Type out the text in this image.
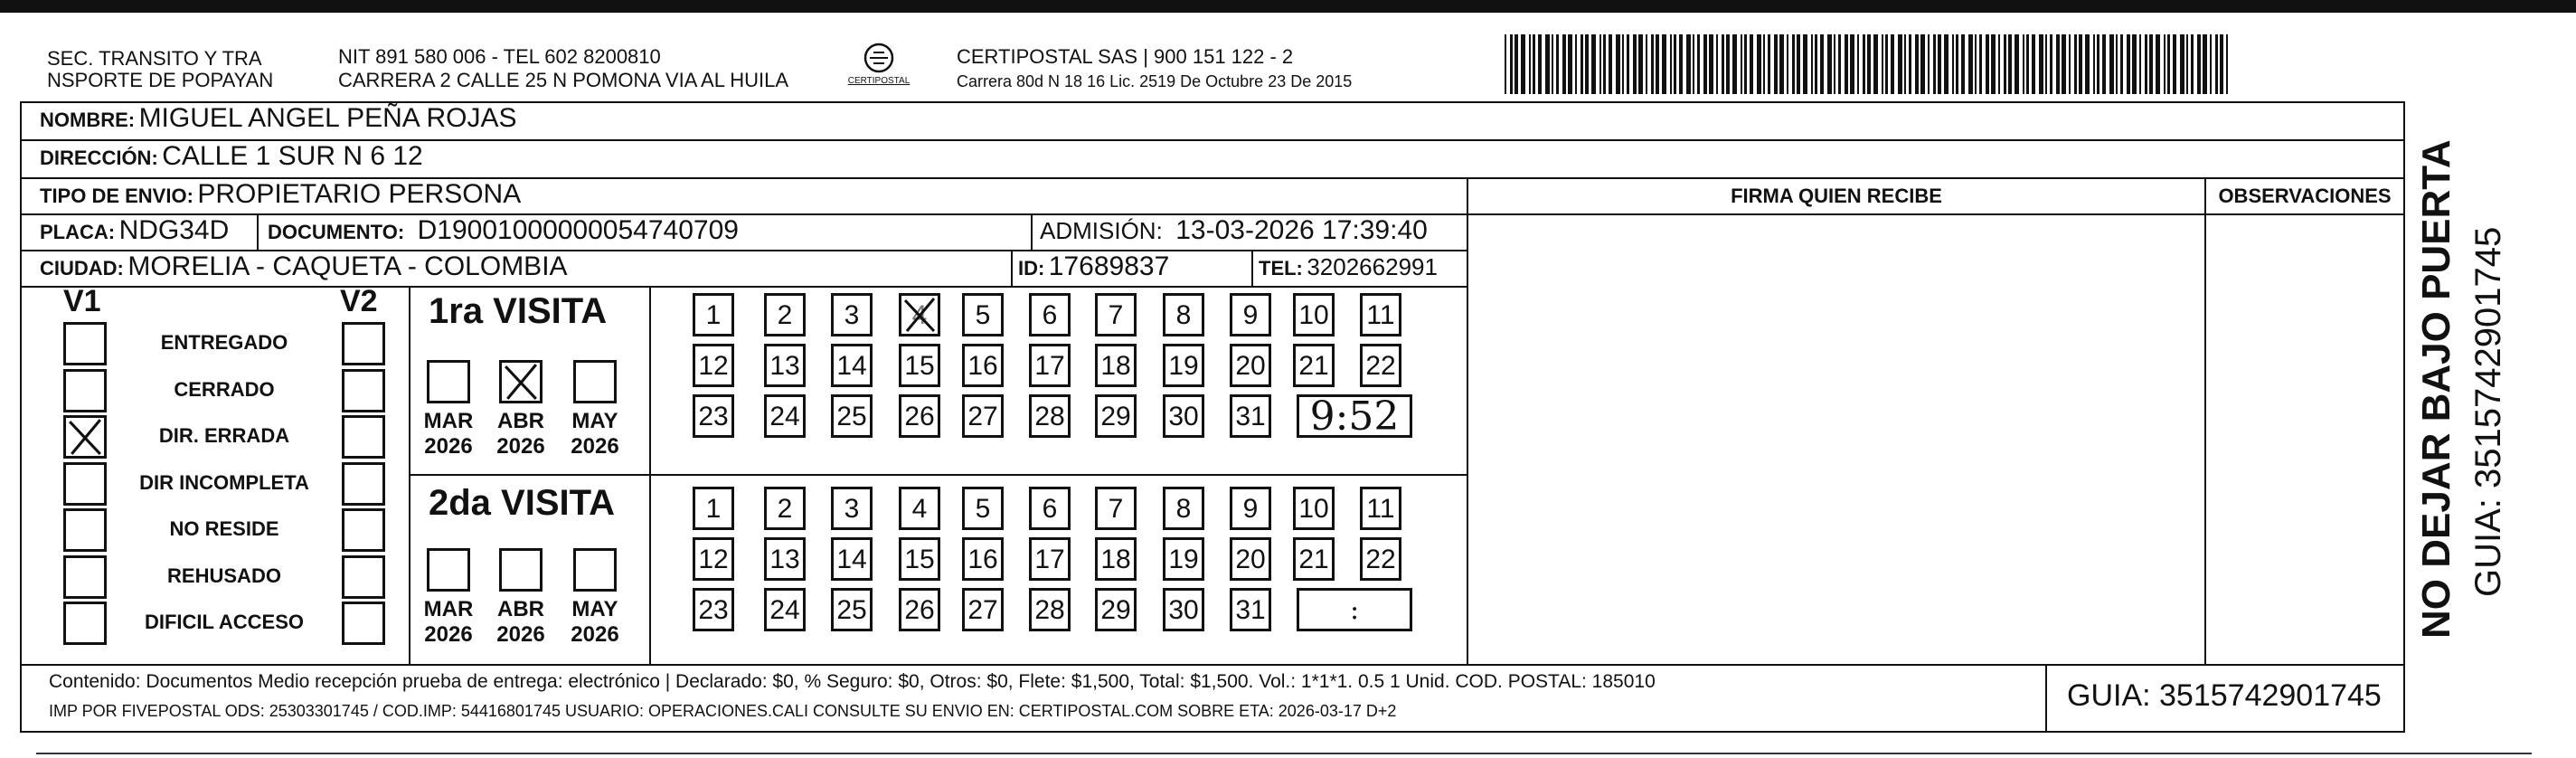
SEC. TRANSITO Y TRA
NSPORTE DE POPAYAN
NIT 891 580 006 - TEL 602 8200810
CARRERA 2 CALLE 25 N POMONA VIA AL HUILA	CERTIPOSTAL
CERTIPOSTAL SAS | 900 151 122 - 2
Carrera 80d N 18 16 Lic. 2519 De Octubre 23 De 2015
NOMBRE: MIGUEL ANGEL PEÑA ROJAS
DIRECCIÓN: CALLE 1 SUR N 6 12
TIPO DE ENVIO: PROPIETARIO PERSONA
PLACA: NDG34D DOCUMENTO: D19001000000054740709	ADMISIÓN: 13-03-2026 17:39:40
CIUDAD: MORELIA - CAQUETA - COLOMBIA	ID: 17689837	TEL: 3202662991
FIRMA QUIEN RECIBE	OBSERVACIONES
V1	V2
ENTREGADO
CERRADO
DIR. ERRADA
DIR INCOMPLETA
NO RESIDE
REHUSADO
DIFICIL ACCESO
1ra VISITA
2da VISITA
1	2	3	4	5	6	7	8	9	10 11
12 13 14 15 16 17 18 19 20 21 22
23 24 25 26 27 28 29 30 31	9:52
1	2	3	4	5	6	7	8	9	10 11
12 13 14 15 16 17 18 19 20 21 22
23 24 25 26 27 28 29 30 31	:
MAR
2026
ABR
2026
MAY
2026
MAR
2026
ABR
2026
MAY
2026
Contenido: Documentos Medio recepción prueba de entrega: electrónico | Declarado: $0, % Seguro: $0, Otros: $0, Flete: $1,500, Total: $1,500. Vol.: 1*1*1. 0.5 1 Unid. COD. POSTAL: 185010
IMP POR FIVEPOSTAL ODS: 25303301745 / COD.IMP: 54416801745 USUARIO: OPERACIONES.CALI CONSULTE SU ENVIO EN: CERTIPOSTAL.COM SOBRE ETA: 2026-03-17 D+2	GUIA: 3515742901745
NO DEJAR BAJO PUERTA GUIA: 3515742901745
